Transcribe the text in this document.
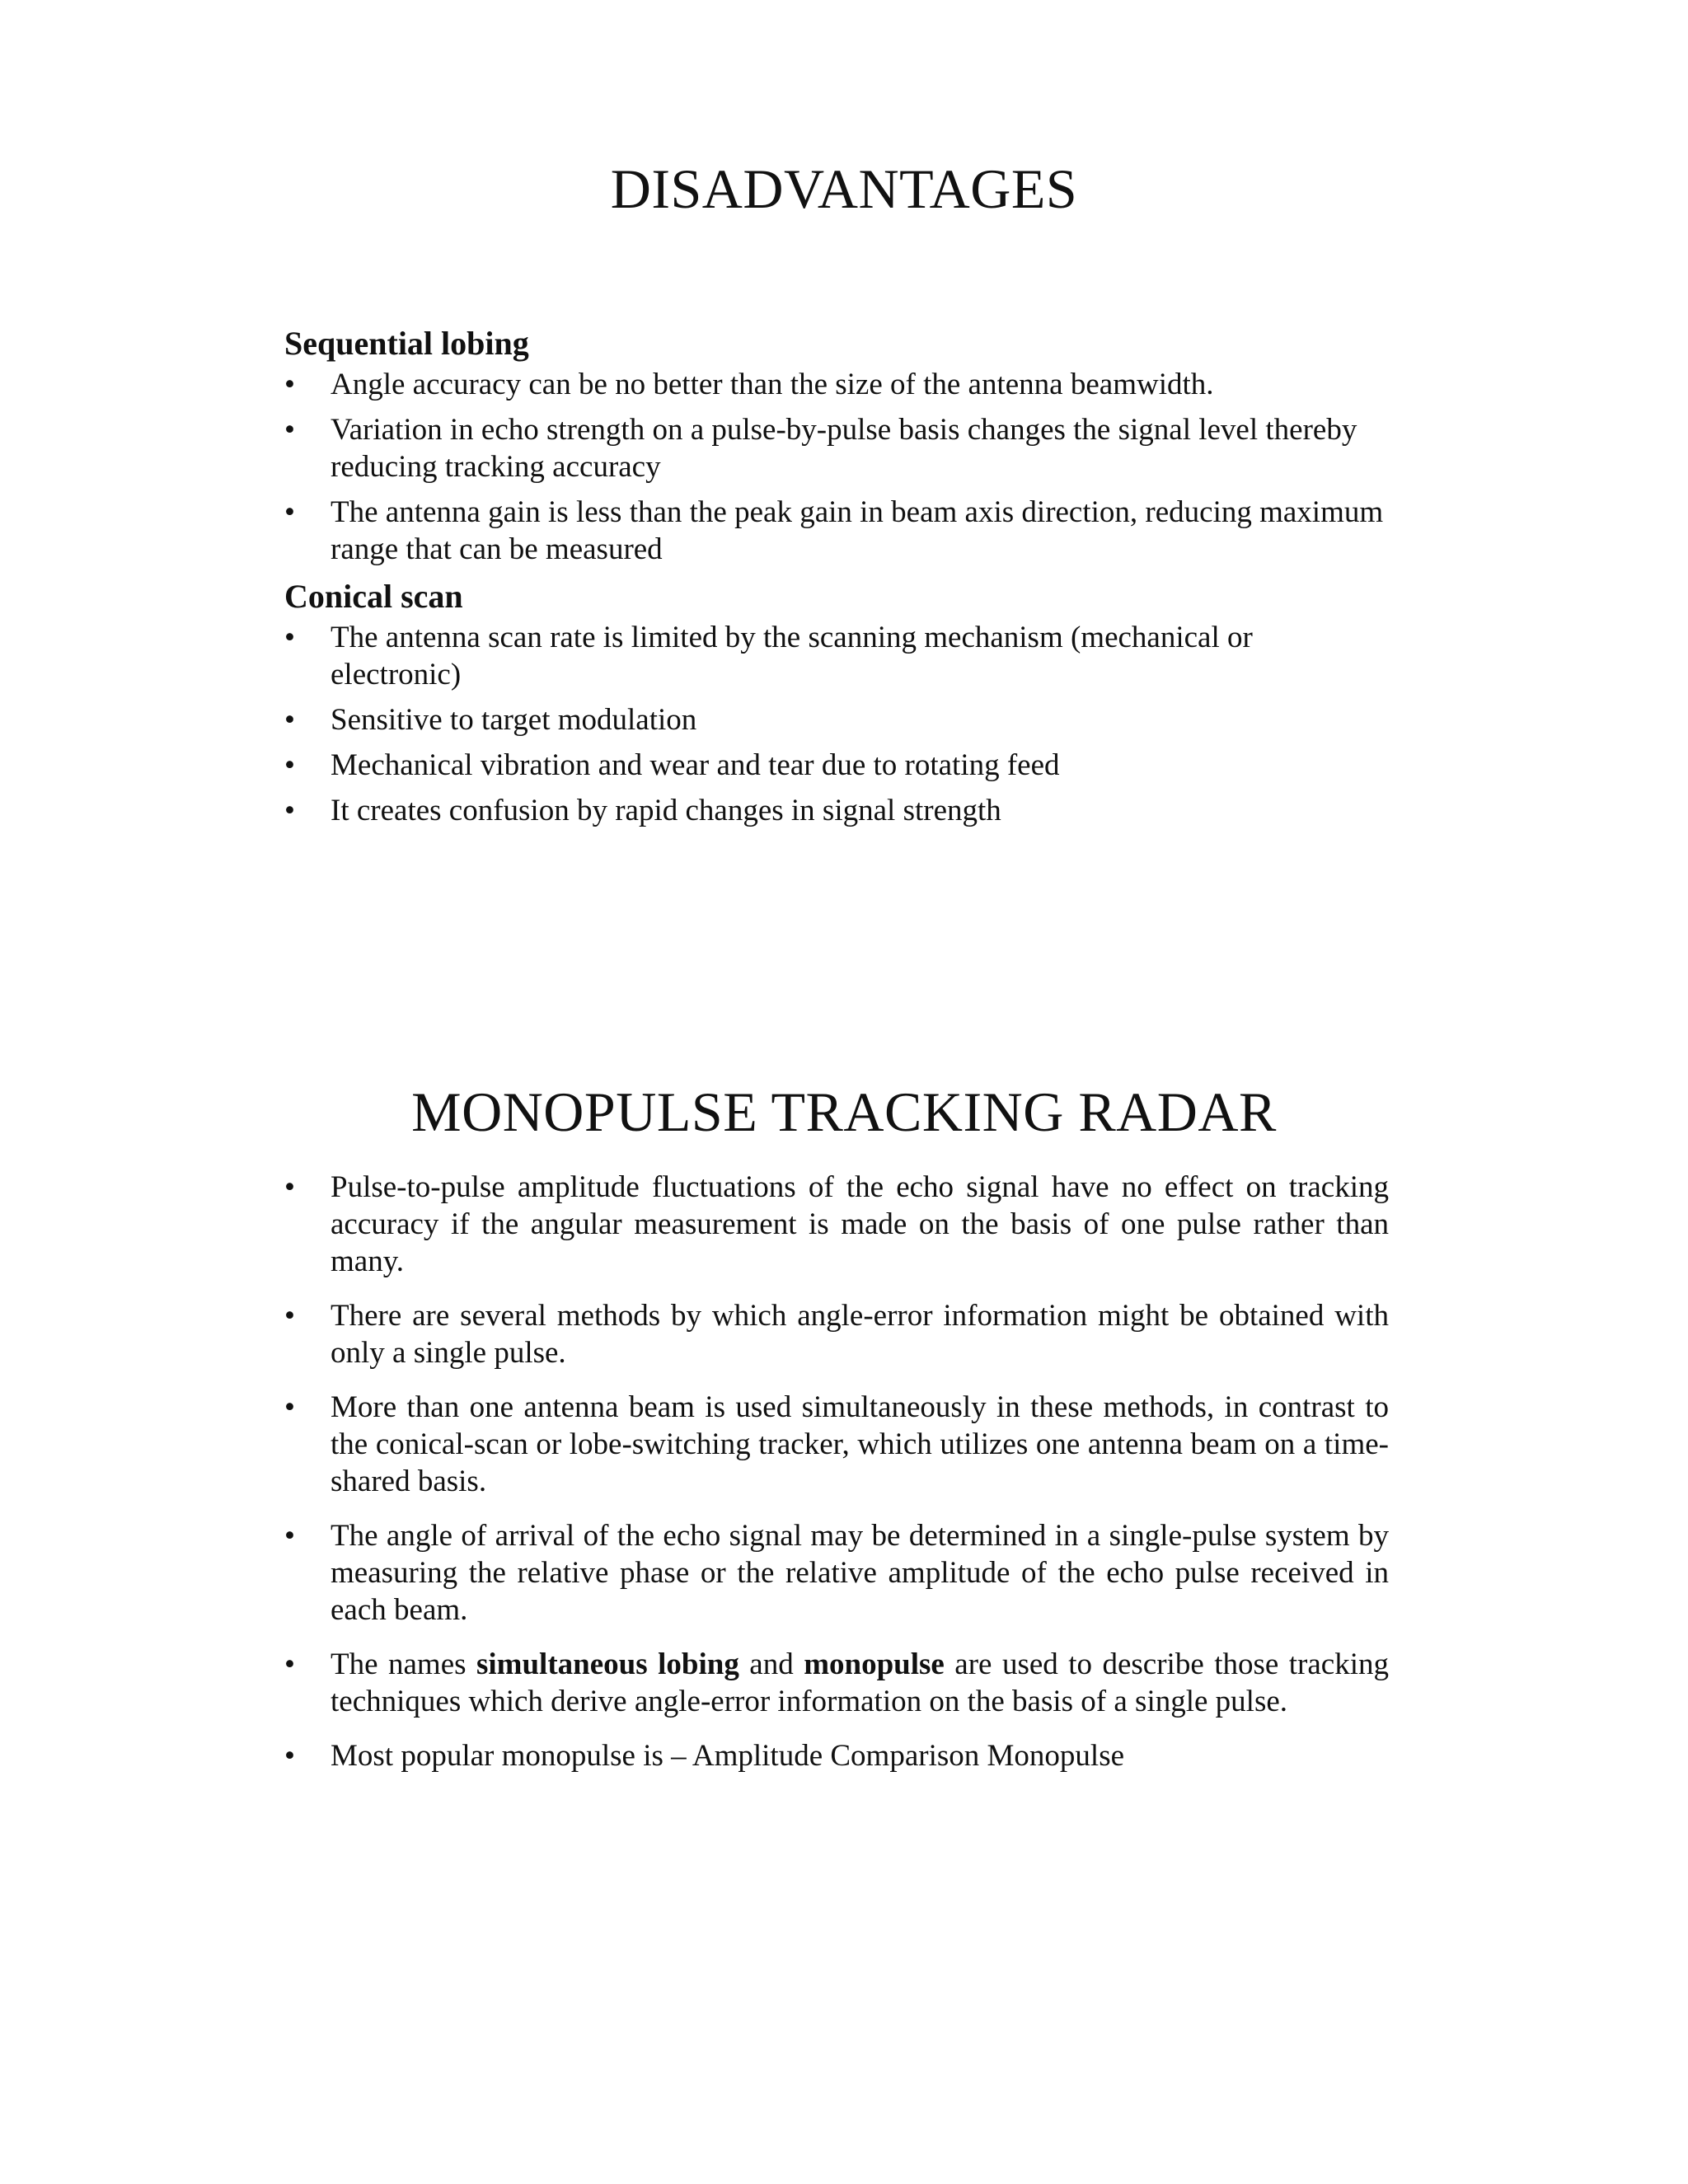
DISADVANTAGES
Sequential lobing
•	Angle accuracy can be no better than the size of the antenna beamwidth.
•	Variation in echo strength on a pulse-by-pulse basis changes the signal level thereby reducing tracking accuracy
•	The antenna gain is less than the peak gain in beam axis direction, reducing maximum range that can be measured
Conical scan
•	The antenna scan rate is limited by the scanning mechanism (mechanical or electronic)
•	Sensitive to target modulation
•	Mechanical vibration and wear and tear due to rotating feed
•	It creates confusion by rapid changes in signal strength
MONOPULSE TRACKING RADAR
•	Pulse-to-pulse amplitude fluctuations of the echo signal have no effect on tracking accuracy if the angular measurement is made on the basis of one pulse rather than many.
•	There are several methods by which angle-error information might be obtained with only a single pulse.
•	More than one antenna beam is used simultaneously in these methods, in contrast to the conical-scan or lobe-switching tracker, which utilizes one antenna beam on a time-shared basis.
•	The angle of arrival of the echo signal may be determined in a single-pulse system by measuring the relative phase or the relative amplitude of the echo pulse received in each beam.
•	The names simultaneous lobing and monopulse are used to describe those tracking techniques which derive angle-error information on the basis of a single pulse.
•	Most popular monopulse is – Amplitude Comparison Monopulse
